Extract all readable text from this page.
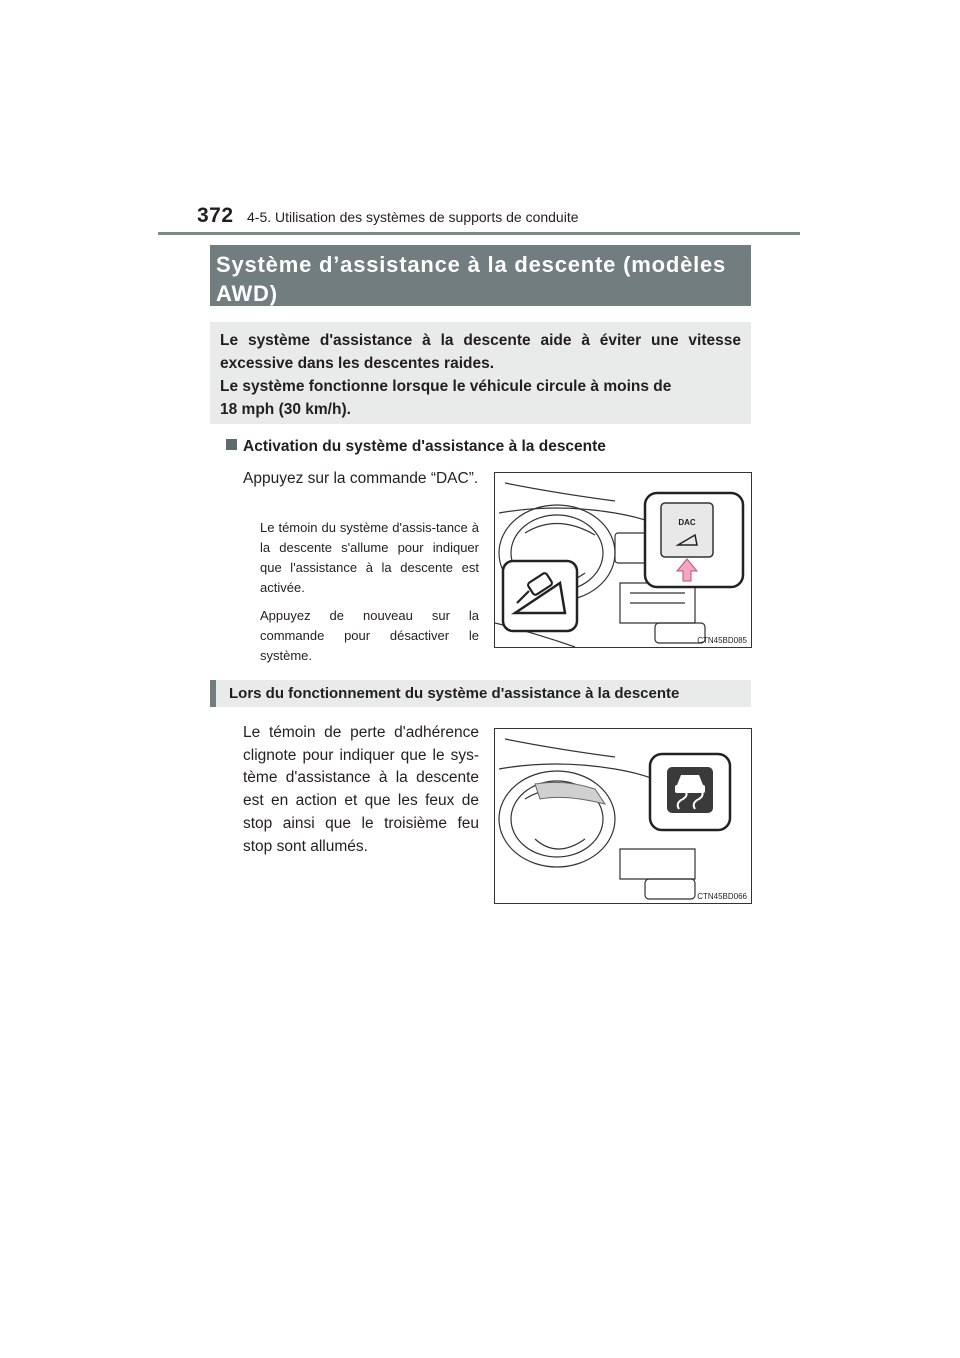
372 4-5. Utilisation des systèmes de supports de conduite
Système d’assistance à la descente (modèles
AWD)
Le système d'assistance à la descente aide à éviter une vitesse
excessive dans les descentes raides.
Le système fonctionne lorsque le véhicule circule à moins de
18 mph (30 km/h).
Activation du système d'assistance à la descente
Appuyez sur la commande “DAC”.
Le témoin du système d'assis-tance à la descente s'allume pour indiquer que l'assistance à la descente est activée.
Appuyez de nouveau sur la commande pour désactiver le système.
DAC
CTN45BD085
Lors du fonctionnement du système d'assistance à la descente
Le témoin de perte d'adhérence clignote pour indiquer que le sys-tème d'assistance à la descente est en action et que les feux de stop ainsi que le troisième feu stop sont allumés.
CTN45BD066
